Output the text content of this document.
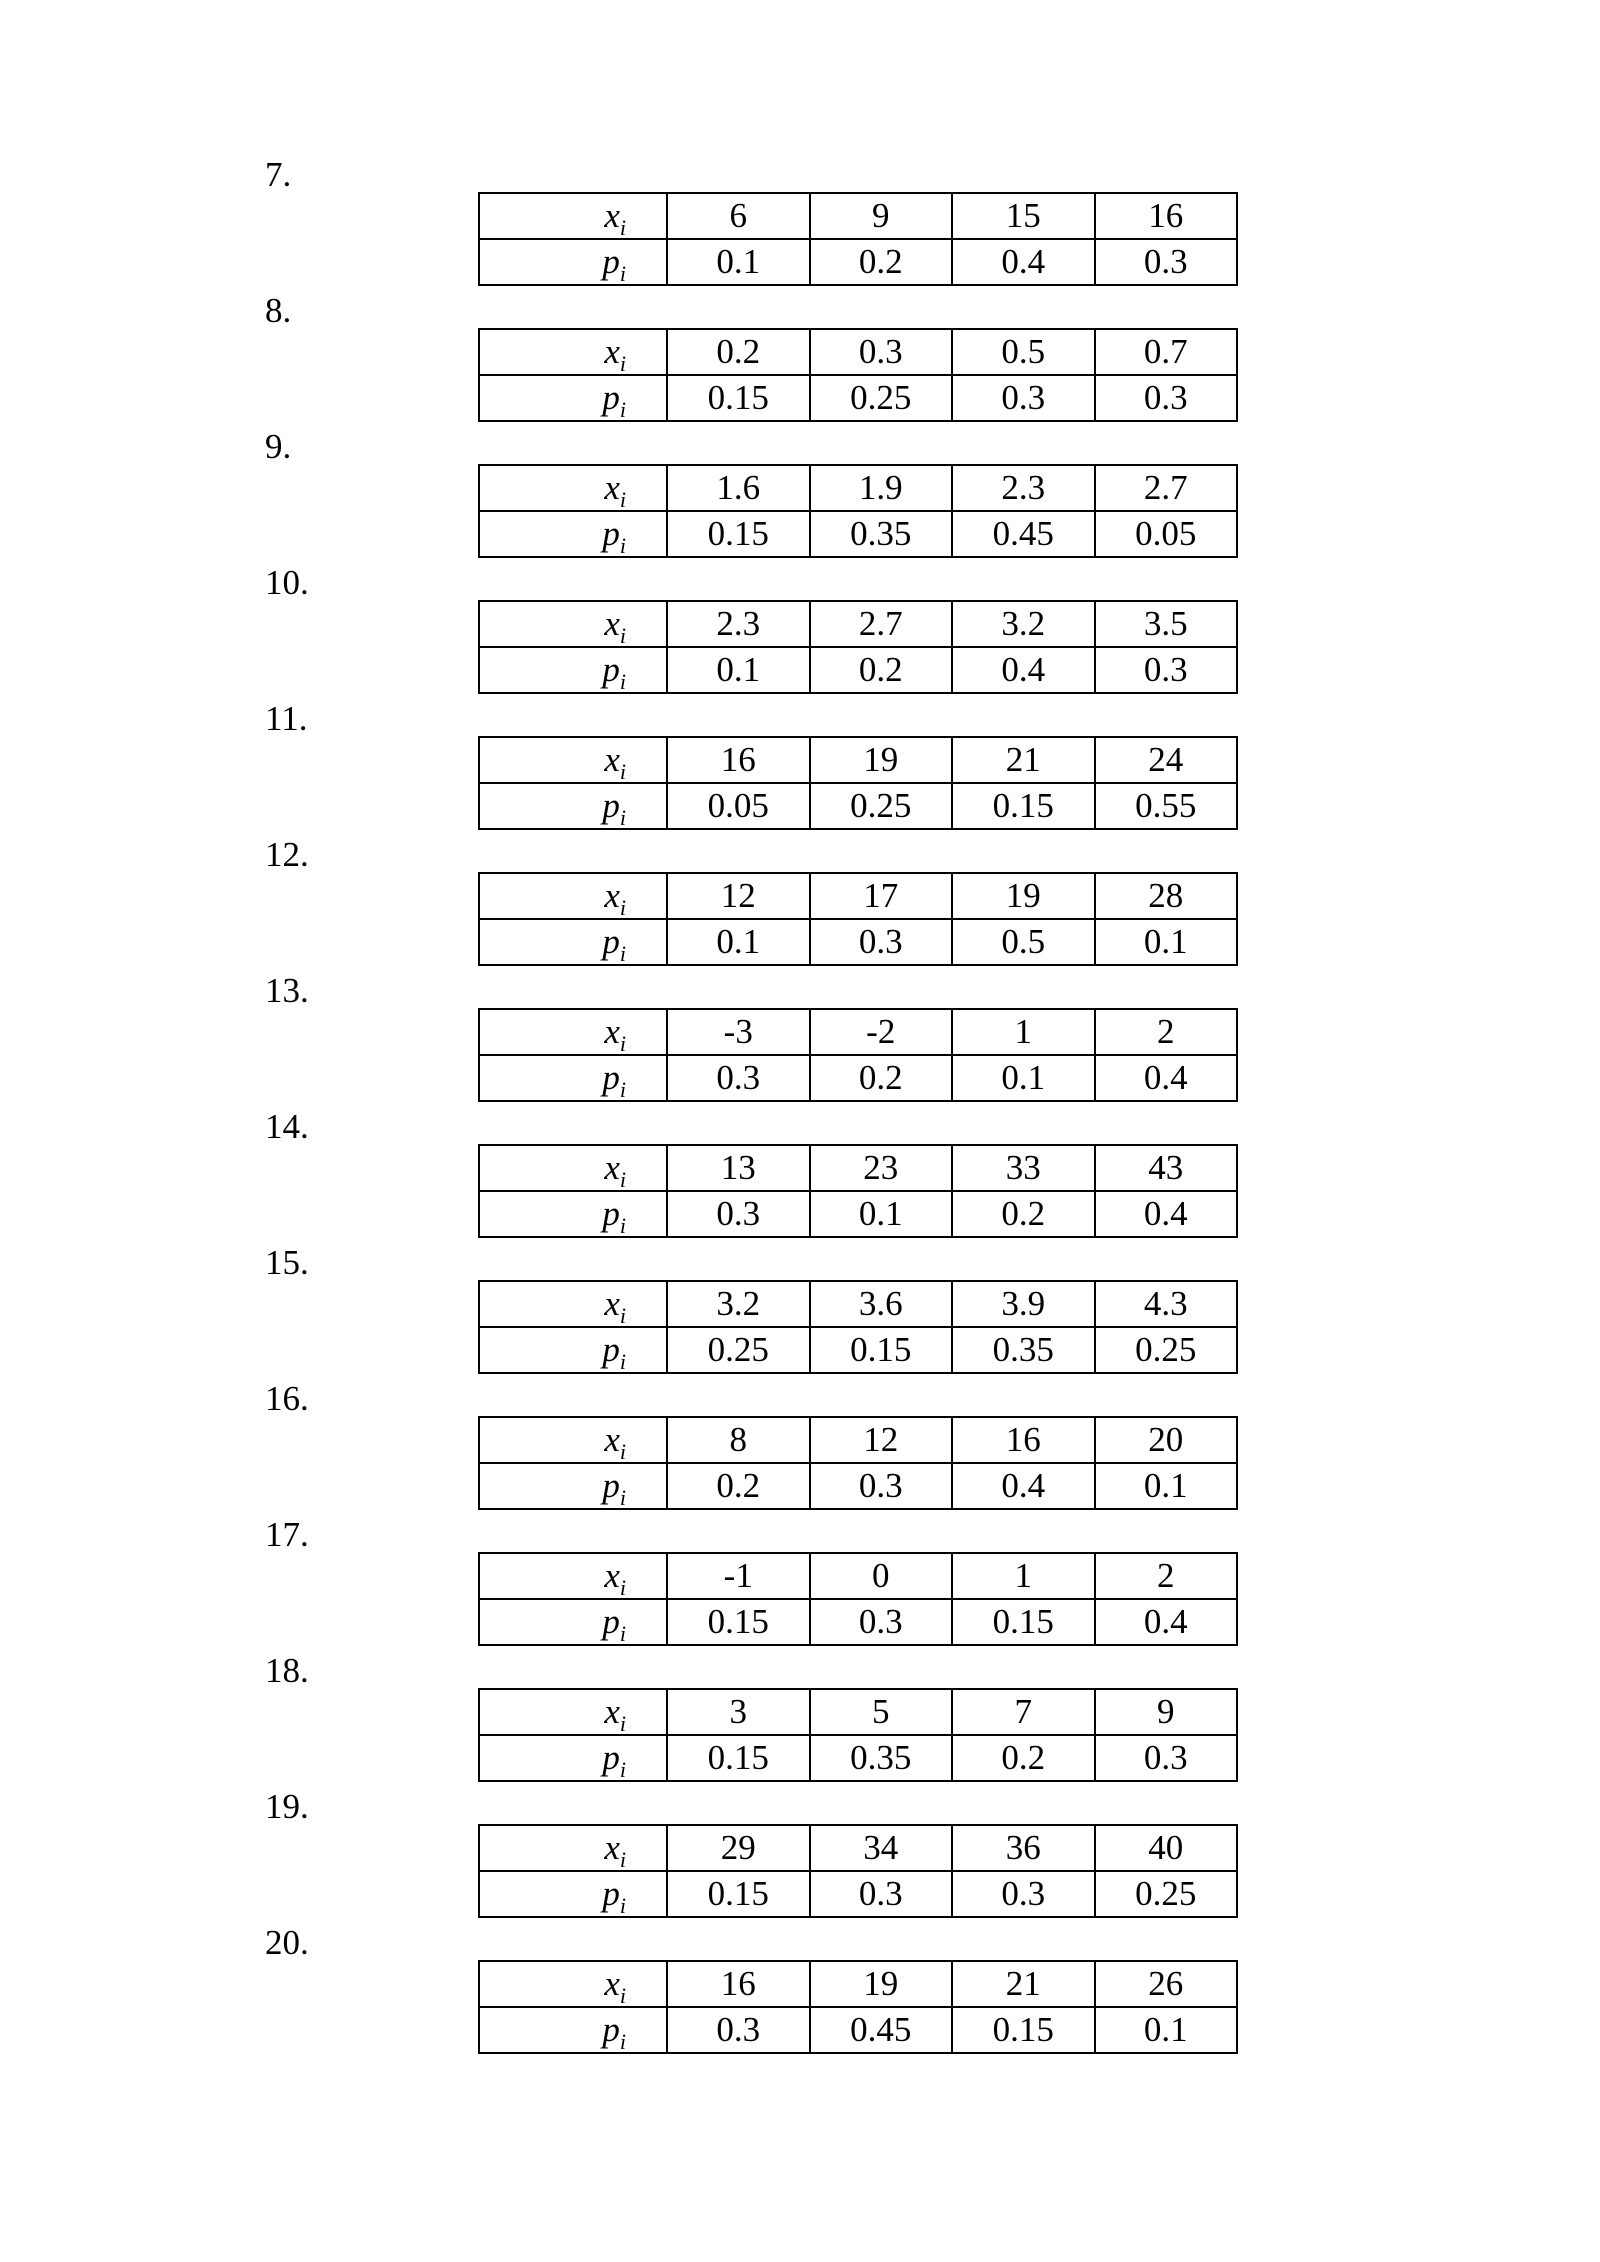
7.
$x_i$	6	9	15	16
$p_i$	0.1	0.2	0.4	0.3
8.
$x_i$	0.2	0.3	0.5	0.7
$p_i$	0.15	0.25	0.3	0.3
9.
$x_i$	1.6	1.9	2.3	2.7
$p_i$	0.15	0.35	0.45	0.05
10.
$x_i$	2.3	2.7	3.2	3.5
$p_i$	0.1	0.2	0.4	0.3
11.
$x_i$	16	19	21	24
$p_i$	0.05	0.25	0.15	0.55
12.
$x_i$	12	17	19	28
$p_i$	0.1	0.3	0.5	0.1
13.
$x_i$	-3	-2	1	2
$p_i$	0.3	0.2	0.1	0.4
14.
$x_i$	13	23	33	43
$p_i$	0.3	0.1	0.2	0.4
15.
$x_i$	3.2	3.6	3.9	4.3
$p_i$	0.25	0.15	0.35	0.25
16.
$x_i$	8	12	16	20
$p_i$	0.2	0.3	0.4	0.1
17.
$x_i$	-1	0	1	2
$p_i$	0.15	0.3	0.15	0.4
18.
$x_i$	3	5	7	9
$p_i$	0.15	0.35	0.2	0.3
19.
$x_i$	29	34	36	40
$p_i$	0.15	0.3	0.3	0.25
20.
$x_i$	16	19	21	26
$p_i$	0.3	0.45	0.15	0.1
